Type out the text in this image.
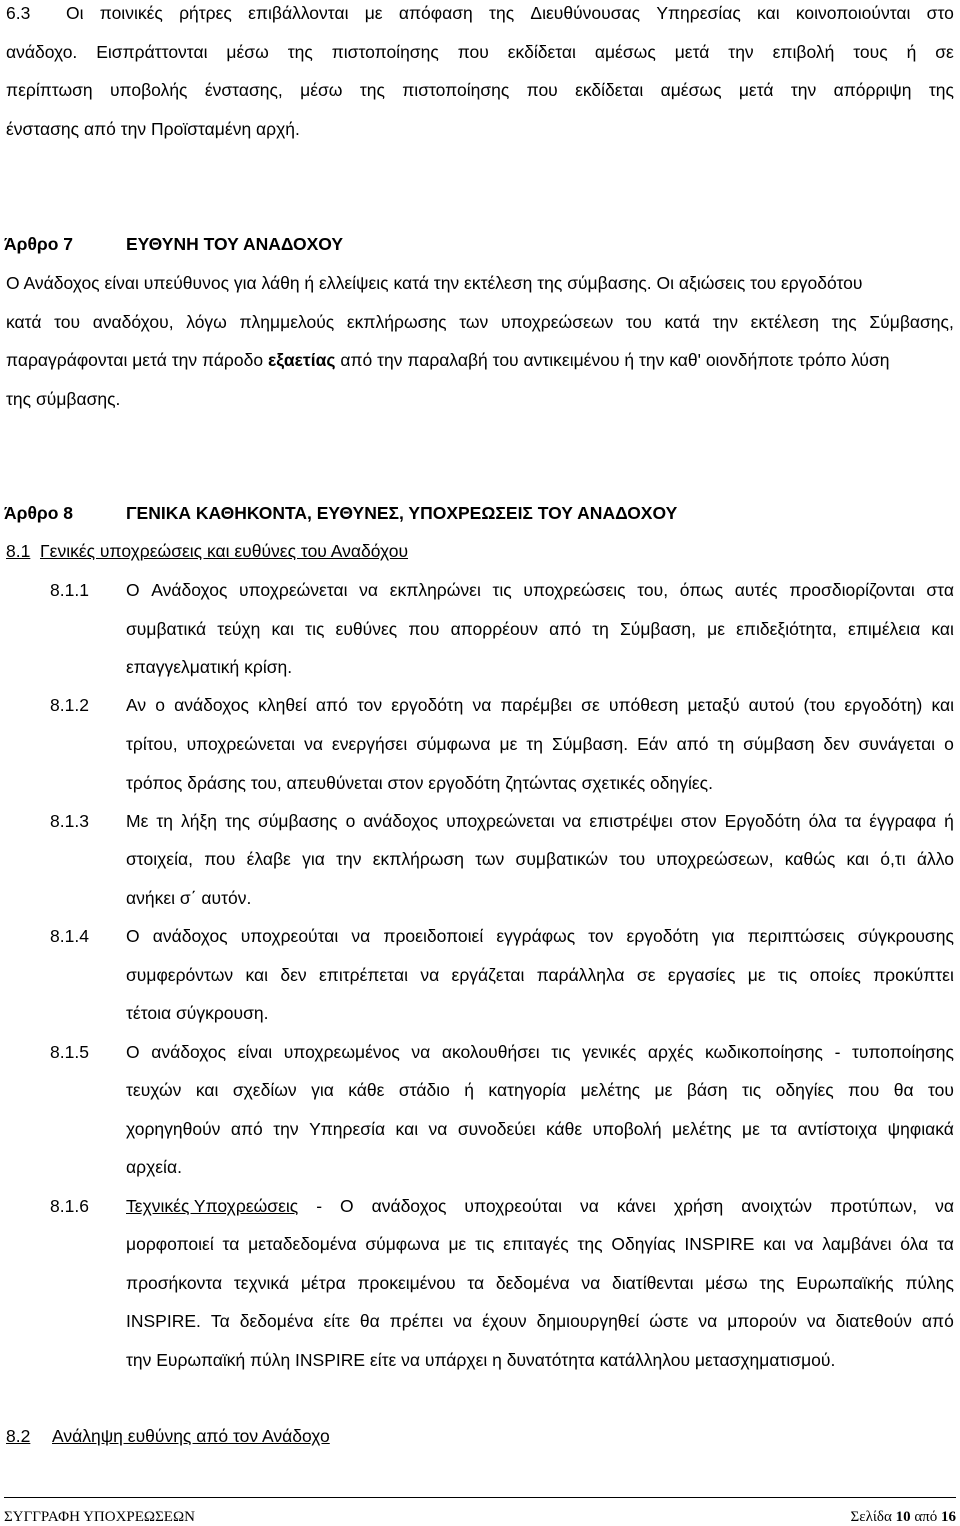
6.3 Οι ποινικές ρήτρες επιβάλλονται με απόφαση της Διευθύνουσας Υπηρεσίας και κοινοποιούνται στο
ανάδοχο. Εισπράττονται μέσω της πιστοποίησης που εκδίδεται αμέσως μετά την επιβολή τους ή σε
περίπτωση υποβολής ένστασης, μέσω της πιστοποίησης που εκδίδεται αμέσως μετά την απόρριψη της
ένστασης από την Προϊσταμένη αρχή.
Άρθρο 7	ΕΥΘΥΝΗ ΤΟΥ ΑΝΑΔΟΧΟΥ
Ο Ανάδοχος είναι υπεύθυνος για λάθη ή ελλείψεις κατά την εκτέλεση της σύμβασης. Οι αξιώσεις του εργοδότου
κατά του αναδόχου, λόγω πλημμελούς εκπλήρωσης των υποχρεώσεων του κατά την εκτέλεση της Σύμβασης,
παραγράφονται μετά την πάροδο εξαετίας από την παραλαβή του αντικειμένου ή την καθ' οιονδήποτε τρόπο λύση
της σύμβασης.
Άρθρο 8	ΓΕΝΙΚΑ ΚΑΘΗΚΟΝΤΑ, ΕΥΘΥΝΕΣ, ΥΠΟΧΡΕΩΣΕΙΣ ΤΟΥ ΑΝΑΔΟΧΟΥ
8.1 Γενικές υποχρεώσεις και ευθύνες του Αναδόχου
8.1.1 Ο Ανάδοχος υποχρεώνεται να εκπληρώνει τις υποχρεώσεις του, όπως αυτές προσδιορίζονται στα
συμβατικά τεύχη και τις ευθύνες που απορρέουν από τη Σύμβαση, με επιδεξιότητα, επιμέλεια και
επαγγελματική κρίση.
8.1.2 Αν ο ανάδοχος κληθεί από τον εργοδότη να παρέμβει σε υπόθεση μεταξύ αυτού (του εργοδότη) και
τρίτου, υποχρεώνεται να ενεργήσει σύμφωνα με τη Σύμβαση. Εάν από τη σύμβαση δεν συνάγεται ο
τρόπος δράσης του, απευθύνεται στον εργοδότη ζητώντας σχετικές οδηγίες.
8.1.3 Με τη λήξη της σύμβασης ο ανάδοχος υποχρεώνεται να επιστρέψει στον Εργοδότη όλα τα έγγραφα ή
στοιχεία, που έλαβε για την εκπλήρωση των συμβατικών του υποχρεώσεων, καθώς και ό,τι άλλο
ανήκει σ΄ αυτόν.
8.1.4 Ο ανάδοχος υποχρεούται να προειδοποιεί εγγράφως τον εργοδότη για περιπτώσεις σύγκρουσης
συμφερόντων και δεν επιτρέπεται να εργάζεται παράλληλα σε εργασίες με τις οποίες προκύπτει
τέτοια σύγκρουση.
8.1.5 Ο ανάδοχος είναι υποχρεωμένος να ακολουθήσει τις γενικές αρχές κωδικοποίησης - τυποποίησης
τευχών και σχεδίων για κάθε στάδιο ή κατηγορία μελέτης με βάση τις οδηγίες που θα του
χορηγηθούν από την Υπηρεσία και να συνοδεύει κάθε υποβολή μελέτης με τα αντίστοιχα ψηφιακά
αρχεία.
8.1.6 Τεχνικές Υποχρεώσεις - Ο ανάδοχος υποχρεούται να κάνει χρήση ανοιχτών προτύπων, να
μορφοποιεί τα μεταδεδομένα σύμφωνα με τις επιταγές της Οδηγίας INSPIRE και να λαμβάνει όλα τα
προσήκοντα τεχνικά μέτρα προκειμένου τα δεδομένα να διατίθενται μέσω της Ευρωπαϊκής πύλης
INSPIRE. Τα δεδομένα είτε θα πρέπει να έχουν δημιουργηθεί ώστε να μπορούν να διατεθούν από
την Ευρωπαϊκή πύλη INSPIRE είτε να υπάρχει η δυνατότητα κατάλληλου μετασχηματισμού.
8.2 Ανάληψη ευθύνης από τον Ανάδοχο
ΣΥΓΓΡΑΦΗ ΥΠΟΧΡΕΩΣΕΩΝ	Σελίδα 10 από 16
